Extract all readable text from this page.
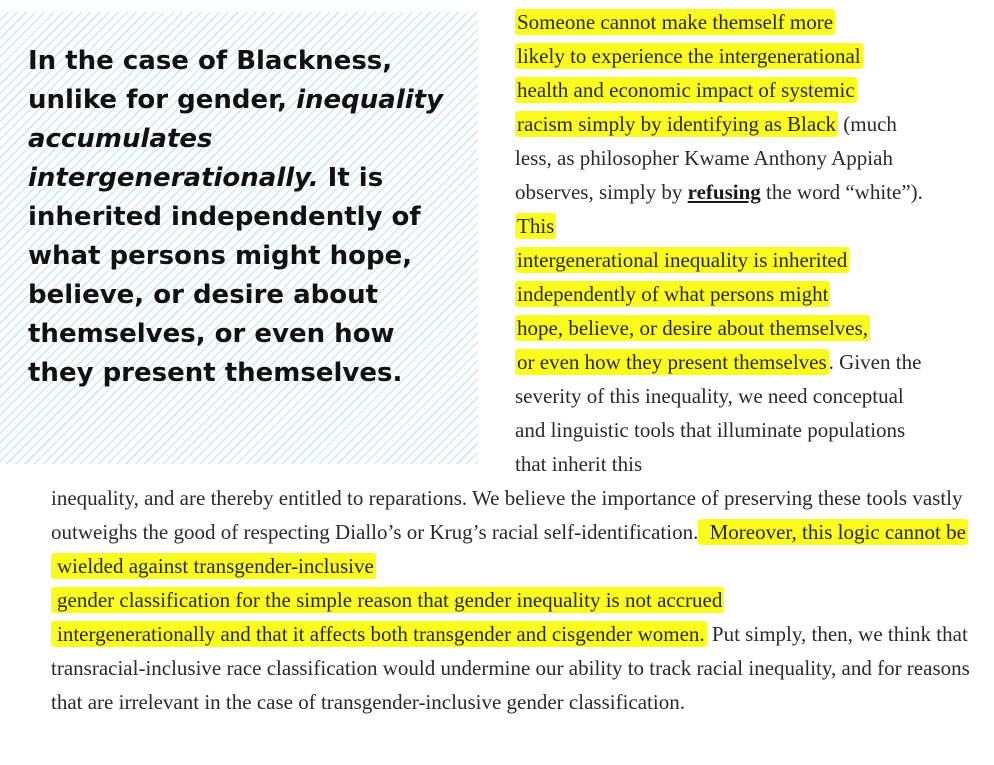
In the case of Blackness, unlike for gender, inequality accumulates intergenerationally. It is inherited independently of what persons might hope, believe, or desire about themselves, or even how they present themselves.

Someone cannot make themself more
likely to experience the intergenerational
health and economic impact of systemic
racism simply by identifying as Black (much less, as philosopher Kwame Anthony Appiah observes, simply by refusing the word “white”). This
intergenerational inequality is inherited
independently of what persons might
hope, believe, or desire about themselves,
or even how they present themselves. Given the severity of this inequality, we need conceptual and linguistic tools that illuminate populations that inherit this

inequality, and are thereby entitled to reparations. We believe the importance of preserving these tools vastly outweighs the good of respecting Diallo’s or Krug’s racial self-identification. Moreover, this logic cannot be wielded against transgender-inclusive
gender classification for the simple reason that gender inequality is not accrued
intergenerationally and that it affects both transgender and cisgender women. Put simply, then, we think that transracial-inclusive race classification would undermine our ability to track racial inequality, and for reasons that are irrelevant in the case of transgender-inclusive gender classification.
